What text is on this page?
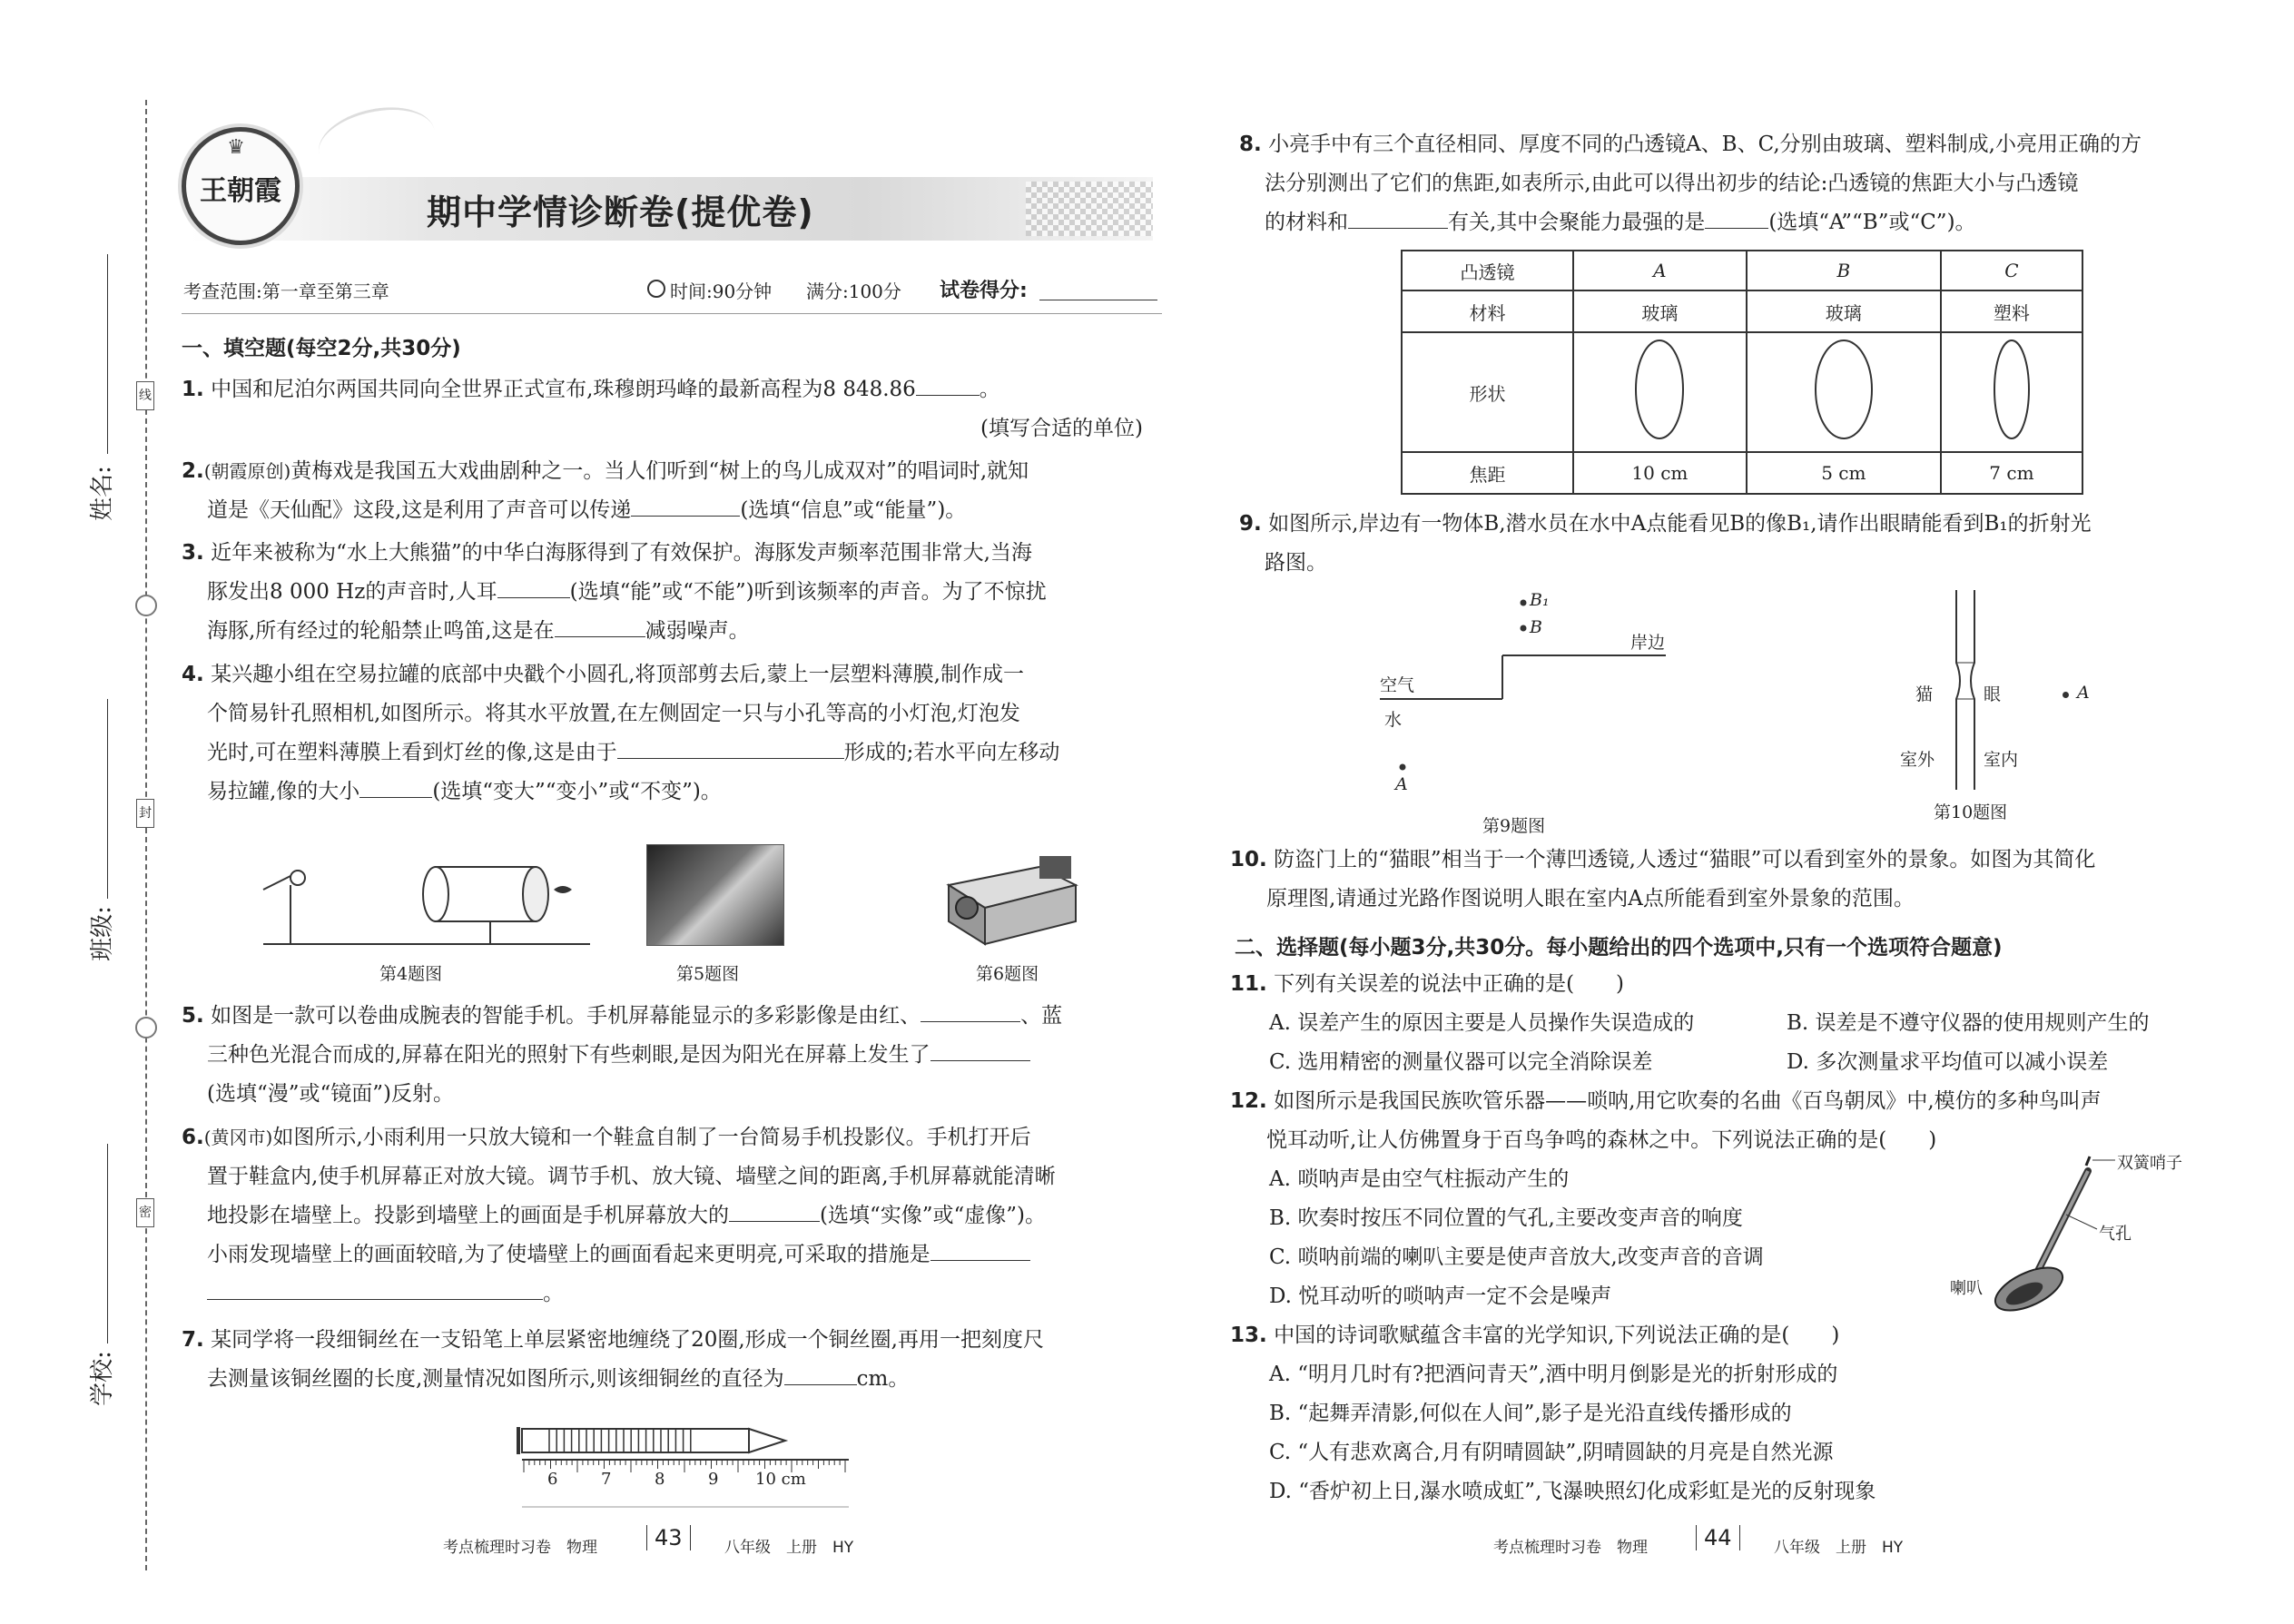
线
封
密
姓名:
班级:
学校:
♛
王朝霞
期中学情诊断卷(提优卷)
考查范围:第一章至第三章	时间:90分钟 满分:100分 试卷得分:
一、填空题(每空2分,共30分)
1. 中国和尼泊尔两国共同向全世界正式宣布,珠穆朗玛峰的最新高程为8 848.86	。
(填写合适的单位)
2.(朝霞原创)黄梅戏是我国五大戏曲剧种之一。当人们听到“树上的鸟儿成双对”的唱词时,就知
道是《天仙配》这段,这是利用了声音可以传递	(选填“信息”或“能量”)。
3. 近年来被称为“水上大熊猫”的中华白海豚得到了有效保护。海豚发声频率范围非常大,当海
豚发出8 000 Hz的声音时,人耳	(选填“能”或“不能”)听到该频率的声音。为了不惊扰
海豚,所有经过的轮船禁止鸣笛,这是在	减弱噪声。
4. 某兴趣小组在空易拉罐的底部中央戳个小圆孔,将顶部剪去后,蒙上一层塑料薄膜,制作成一
个简易针孔照相机,如图所示。将其水平放置,在左侧固定一只与小孔等高的小灯泡,灯泡发
光时,可在塑料薄膜上看到灯丝的像,这是由于	形成的;若水平向左移动
易拉罐,像的大小	(选填“变大”“变小”或“不变”)。
第4题图	第5题图	第6题图
5. 如图是一款可以卷曲成腕表的智能手机。手机屏幕能显示的多彩影像是由红、	、蓝
三种色光混合而成的,屏幕在阳光的照射下有些刺眼,是因为阳光在屏幕上发生了
(选填“漫”或“镜面”)反射。
6.(黄冈市)如图所示,小雨利用一只放大镜和一个鞋盒自制了一台简易手机投影仪。手机打开后
置于鞋盒内,使手机屏幕正对放大镜。调节手机、放大镜、墙壁之间的距离,手机屏幕就能清晰
地投影在墙壁上。投影到墙壁上的画面是手机屏幕放大的	(选填“实像”或“虚像”)。
小雨发现墙壁上的画面较暗,为了使墙壁上的画面看起来更明亮,可采取的措施是
。
7. 某同学将一段细铜丝在一支铅笔上单层紧密地缠绕了20圈,形成一个铜丝圈,再用一把刻度尺
去测量该铜丝圈的长度,测量情况如图所示,则该细铜丝的直径为	cm。
6	7	8	9 10 cm
考点梳理时习卷　物理	43	八年级　上册　HY
8. 小亮手中有三个直径相同、厚度不同的凸透镜A、B、C,分别由玻璃、塑料制成,小亮用正确的方
法分别测出了它们的焦距,如表所示,由此可以得出初步的结论:凸透镜的焦距大小与凸透镜
的材料和	有关,其中会聚能力最强的是	(选填“A”“B”或“C”)。
凸透镜	A	B	C
材料	玻璃	玻璃	塑料
形状			
焦距	10 cm	5 cm	7 cm
9. 如图所示,岸边有一物体B,潜水员在水中A点能看见B的像B₁,请作出眼睛能看到B₁的折射光
路图。
B₁
B
岸边
空气
水
A
第9题图
猫	眼	A
室外	室内
第10题图
10. 防盗门上的“猫眼”相当于一个薄凹透镜,人透过“猫眼”可以看到室外的景象。如图为其简化
原理图,请通过光路作图说明人眼在室内A点所能看到室外景象的范围。
二、选择题(每小题3分,共30分。每小题给出的四个选项中,只有一个选项符合题意)
11. 下列有关误差的说法中正确的是(　　)
A. 误差产生的原因主要是人员操作失误造成的	B. 误差是不遵守仪器的使用规则产生的
C. 选用精密的测量仪器可以完全消除误差	D. 多次测量求平均值可以减小误差
12. 如图所示是我国民族吹管乐器——唢呐,用它吹奏的名曲《百鸟朝凤》中,模仿的多种鸟叫声
悦耳动听,让人仿佛置身于百鸟争鸣的森林之中。下列说法正确的是(　　)
A. 唢呐声是由空气柱振动产生的
B. 吹奏时按压不同位置的气孔,主要改变声音的响度
C. 唢呐前端的喇叭主要是使声音放大,改变声音的音调
D. 悦耳动听的唢呐声一定不会是噪声
双簧哨子
气孔
喇叭
13. 中国的诗词歌赋蕴含丰富的光学知识,下列说法正确的是(　　)
A. “明月几时有?把酒问青天”,酒中明月倒影是光的折射形成的
B. “起舞弄清影,何似在人间”,影子是光沿直线传播形成的
C. “人有悲欢离合,月有阴晴圆缺”,阴晴圆缺的月亮是自然光源
D. “香炉初上日,瀑水喷成虹”,飞瀑映照幻化成彩虹是光的反射现象
考点梳理时习卷　物理	44	八年级　上册　HY
